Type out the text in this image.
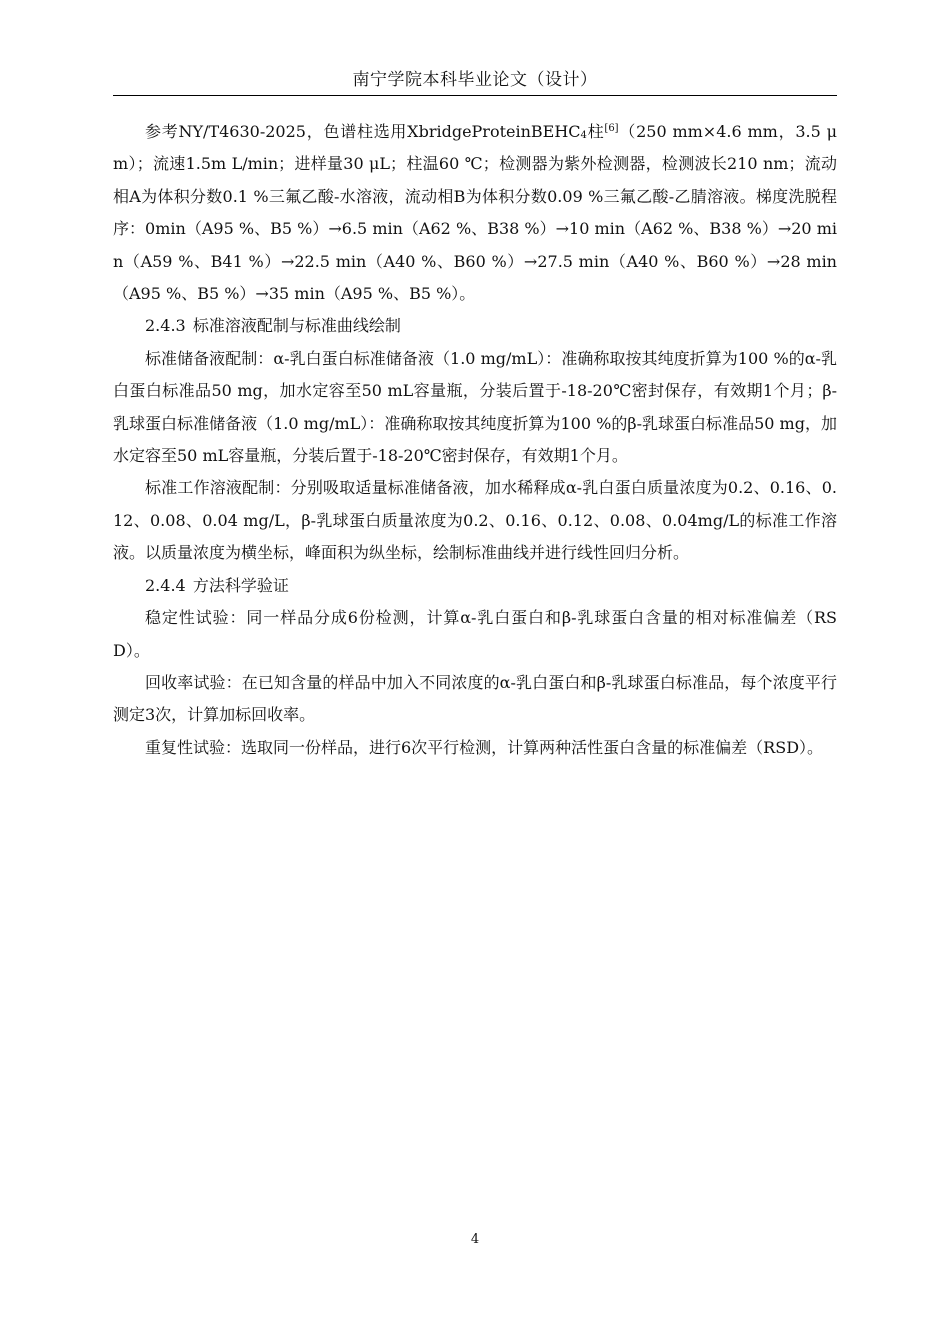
南宁学院本科毕业论文（设计）

参考NY/T4630-2025，色谱柱选用XbridgeProteinBEHC$_4$柱[6]（250 mm×4.6 mm，3.5 μm）；流速1.5m L/min；进样量30 μL；柱温60 ℃；检测器为紫外检测器，检测波长210 nm；流动相A为体积分数0.1 %三氟乙酸-水溶液，流动相B为体积分数0.09 %三氟乙酸-乙腈溶液。梯度洗脱程序：0min（A95 %、B5 %）→6.5 min（A62 %、B38 %）→10 min（A62 %、B38 %）→20 min（A59 %、B41 %）→22.5 min（A40 %、B60 %）→27.5 min（A40 %、B60 %）→28 min（A95 %、B5 %）→35 min（A95 %、B5 %）。

2.4.3 标准溶液配制与标准曲线绘制

标准储备液配制：α-乳白蛋白标准储备液（1.0 mg/mL）：准确称取按其纯度折算为100 %的α-乳白蛋白标准品50 mg，加水定容至50 mL容量瓶，分装后置于-18-20℃密封保存，有效期1个月；β-乳球蛋白标准储备液（1.0 mg/mL）：准确称取按其纯度折算为100 %的β-乳球蛋白标准品50 mg，加水定容至50 mL容量瓶，分装后置于-18-20℃密封保存，有效期1个月。

标准工作溶液配制：分别吸取适量标准储备液，加水稀释成α-乳白蛋白质量浓度为0.2、0.16、0.12、0.08、0.04 mg/L，β-乳球蛋白质量浓度为0.2、0.16、0.12、0.08、0.04mg/L的标准工作溶液。以质量浓度为横坐标，峰面积为纵坐标，绘制标准曲线并进行线性回归分析。

2.4.4 方法科学验证

稳定性试验：同一样品分成6份检测，计算α-乳白蛋白和β-乳球蛋白含量的相对标准偏差（RSD）。

回收率试验：在已知含量的样品中加入不同浓度的α-乳白蛋白和β-乳球蛋白标准品，每个浓度平行测定3次，计算加标回收率。

重复性试验：选取同一份样品，进行6次平行检测，计算两种活性蛋白含量的标准偏差（RSD）。

4
